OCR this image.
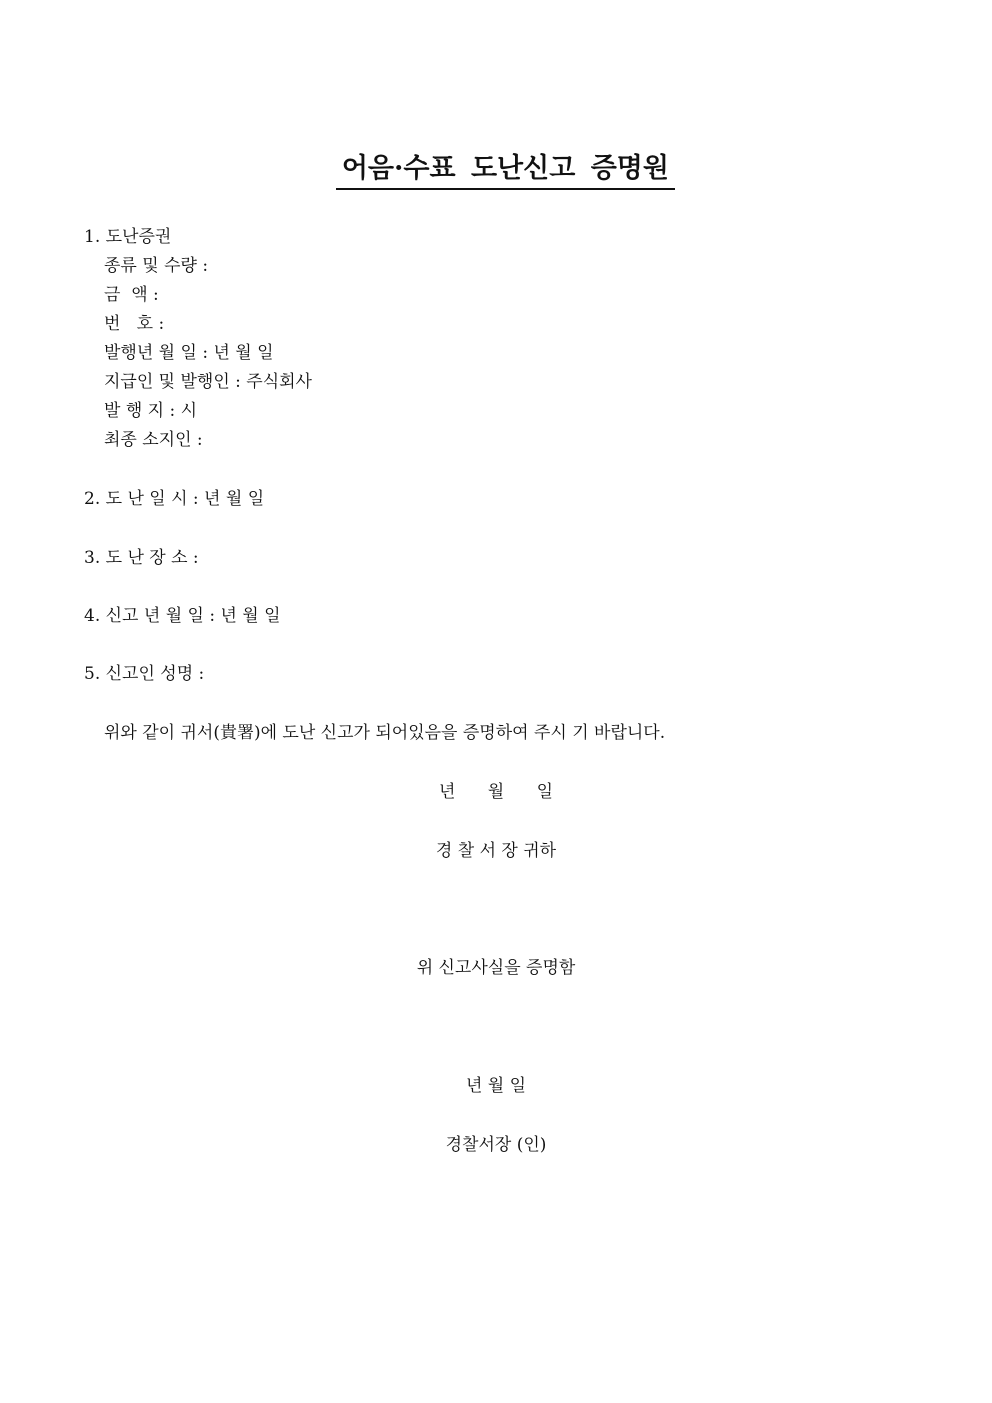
어음·수표 도난신고 증명원

1. 도난증권
종류 및 수량 :
금  액 :
번   호 :
발행년 월 일 : 년 월 일
지급인 및 발행인 : 주식회사
발 행 지 : 시
최종 소지인 :
2. 도 난 일 시 : 년 월 일
3. 도 난 장 소 :
4. 신고 년 월 일 : 년 월 일
5. 신고인 성명 :
위와 같이 귀서(貴署)에 도난 신고가 되어있음을 증명하여 주시 기 바랍니다.
년      월      일
경 찰 서 장 귀하
위 신고사실을 증명함
년 월 일
경찰서장 (인)
